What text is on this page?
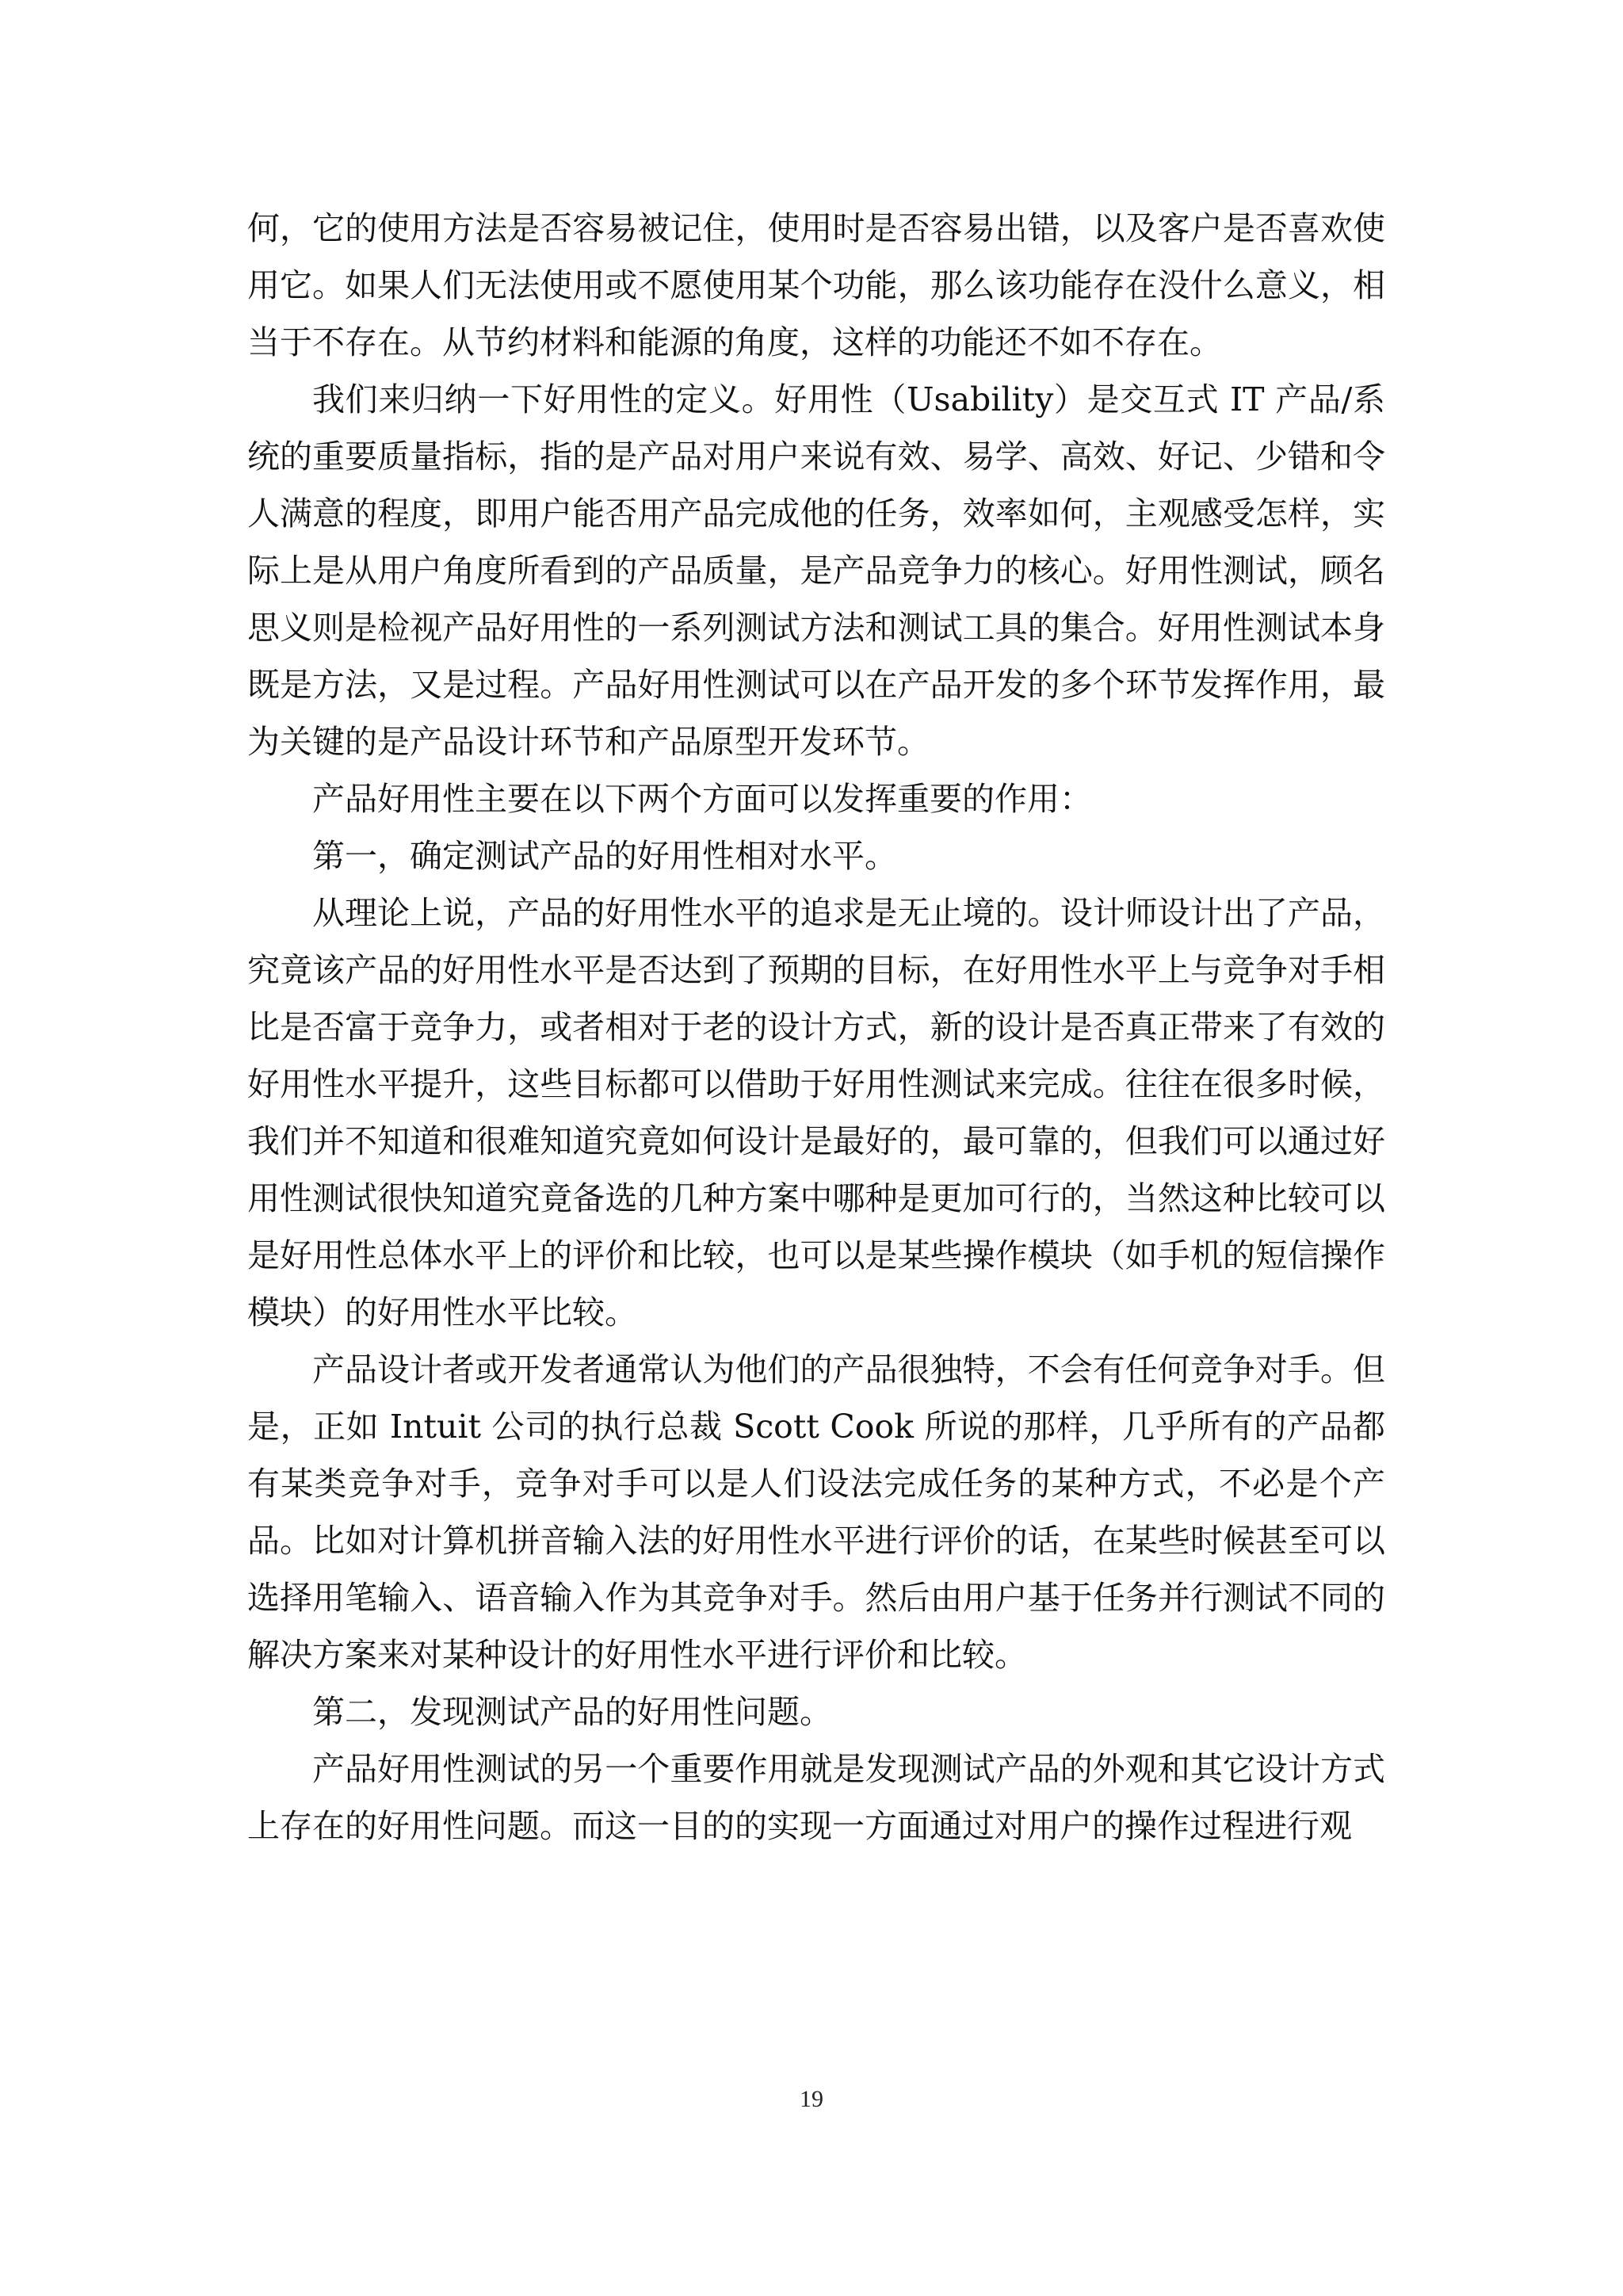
何，它的使用方法是否容易被记住，使用时是否容易出错，以及客户是否喜欢使用它。如果人们无法使用或不愿使用某个功能，那么该功能存在没什么意义，相当于不存在。从节约材料和能源的角度，这样的功能还不如不存在。

我们来归纳一下好用性的定义。好用性（Usability）是交互式 IT 产品/系统的重要质量指标，指的是产品对用户来说有效、易学、高效、好记、少错和令人满意的程度，即用户能否用产品完成他的任务，效率如何，主观感受怎样，实际上是从用户角度所看到的产品质量，是产品竞争力的核心。好用性测试，顾名思义则是检视产品好用性的一系列测试方法和测试工具的集合。好用性测试本身既是方法，又是过程。产品好用性测试可以在产品开发的多个环节发挥作用，最为关键的是产品设计环节和产品原型开发环节。

产品好用性主要在以下两个方面可以发挥重要的作用：

第一，确定测试产品的好用性相对水平。

从理论上说，产品的好用性水平的追求是无止境的。设计师设计出了产品，究竟该产品的好用性水平是否达到了预期的目标，在好用性水平上与竞争对手相比是否富于竞争力，或者相对于老的设计方式，新的设计是否真正带来了有效的好用性水平提升，这些目标都可以借助于好用性测试来完成。往往在很多时候，我们并不知道和很难知道究竟如何设计是最好的，最可靠的，但我们可以通过好用性测试很快知道究竟备选的几种方案中哪种是更加可行的，当然这种比较可以是好用性总体水平上的评价和比较，也可以是某些操作模块（如手机的短信操作模块）的好用性水平比较。

产品设计者或开发者通常认为他们的产品很独特，不会有任何竞争对手。但是，正如 Intuit 公司的执行总裁 Scott Cook 所说的那样，几乎所有的产品都有某类竞争对手，竞争对手可以是人们设法完成任务的某种方式，不必是个产品。比如对计算机拼音输入法的好用性水平进行评价的话，在某些时候甚至可以选择用笔输入、语音输入作为其竞争对手。然后由用户基于任务并行测试不同的解决方案来对某种设计的好用性水平进行评价和比较。

第二，发现测试产品的好用性问题。

产品好用性测试的另一个重要作用就是发现测试产品的外观和其它设计方式上存在的好用性问题。而这一目的的实现一方面通过对用户的操作过程进行观

19
